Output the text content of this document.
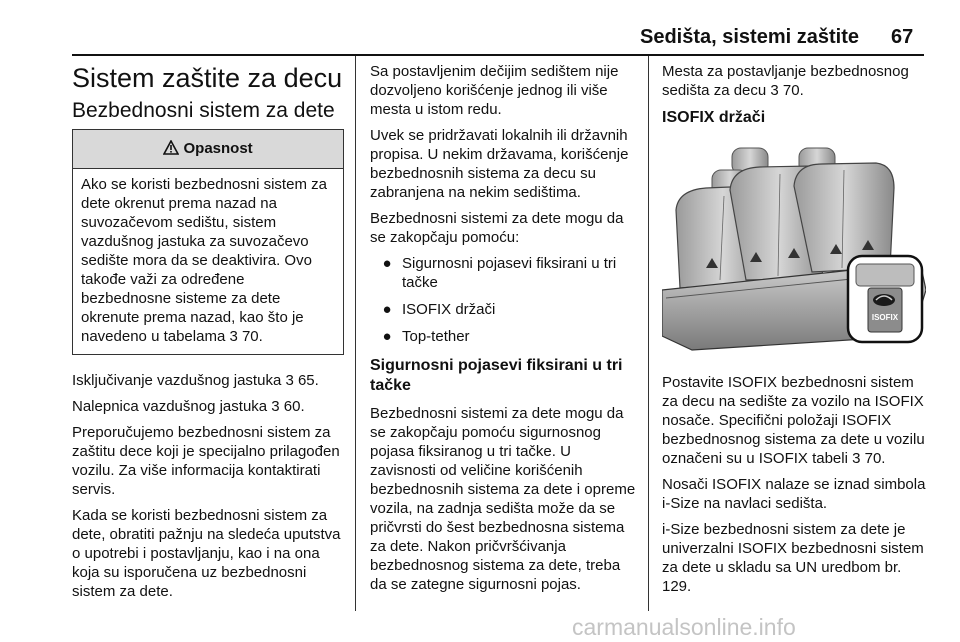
Sedišta, sistemi zaštite 67
Sistem zaštite za decu
Bezbednosni sistem za dete
Opasnost
Ako se koristi bezbednosni sistem za dete okrenut prema nazad na suvozačevom sedištu, sistem vazdušnog jastuka za suvozačevo sedište mora da se deaktivira. Ovo takođe važi za određene bezbednosne sisteme za dete okrenute prema nazad, kao što je navedeno u tabelama 3 70.

Isključivanje vazdušnog jastuka 3 65.

Nalepnica vazdušnog jastuka 3 60.

Preporučujemo bezbednosni sistem za zaštitu dece koji je specijalno prilagođen vozilu. Za više informacija kontaktirati servis.

Kada se koristi bezbednosni sistem za dete, obratiti pažnju na sledeća uputstva o upotrebi i postavljanju, kao i na ona koja su isporučena uz bezbednosni sistem za dete.

Sa postavljenim dečijim sedištem nije dozvoljeno korišćenje jednog ili više mesta u istom redu.

Uvek se pridržavati lokalnih ili državnih propisa. U nekim državama, korišćenje bezbednosnih sistema za decu su zabranjena na nekim sedištima.

Bezbednosni sistemi za dete mogu da se zakopčaju pomoću:

● Sigurnosni pojasevi fiksirani u tri tačke
● ISOFIX držači
● Top-tether
Sigurnosni pojasevi fiksirani u tri tačke

Bezbednosni sistemi za dete mogu da se zakopčaju pomoću sigurnosnog pojasa fiksiranog u tri tačke. U zavisnosti od veličine korišćenih bezbednosnih sistema za dete i opreme vozila, na zadnja sedišta može da se pričvrsti do šest bezbednosna sistema za dete. Nakon pričvršćivanja bezbednosnog sistema za dete, treba da se zategne sigurnosni pojas.

Mesta za postavljanje bezbednosnog sedišta za decu 3 70.

ISOFIX držači
ISOFIX

Postavite ISOFIX bezbednosni sistem za decu na sedište za vozilo na ISOFIX nosače. Specifični položaji ISOFIX bezbednosnog sistema za dete u vozilu označeni su u ISOFIX tabeli 3 70.

Nosači ISOFIX nalaze se iznad simbola i-Size na navlaci sedišta.

i-Size bezbednosni sistem za dete je univerzalni ISOFIX bezbednosni sistem za dete u skladu sa UN uredbom br. 129.

carmanualsonline.info
